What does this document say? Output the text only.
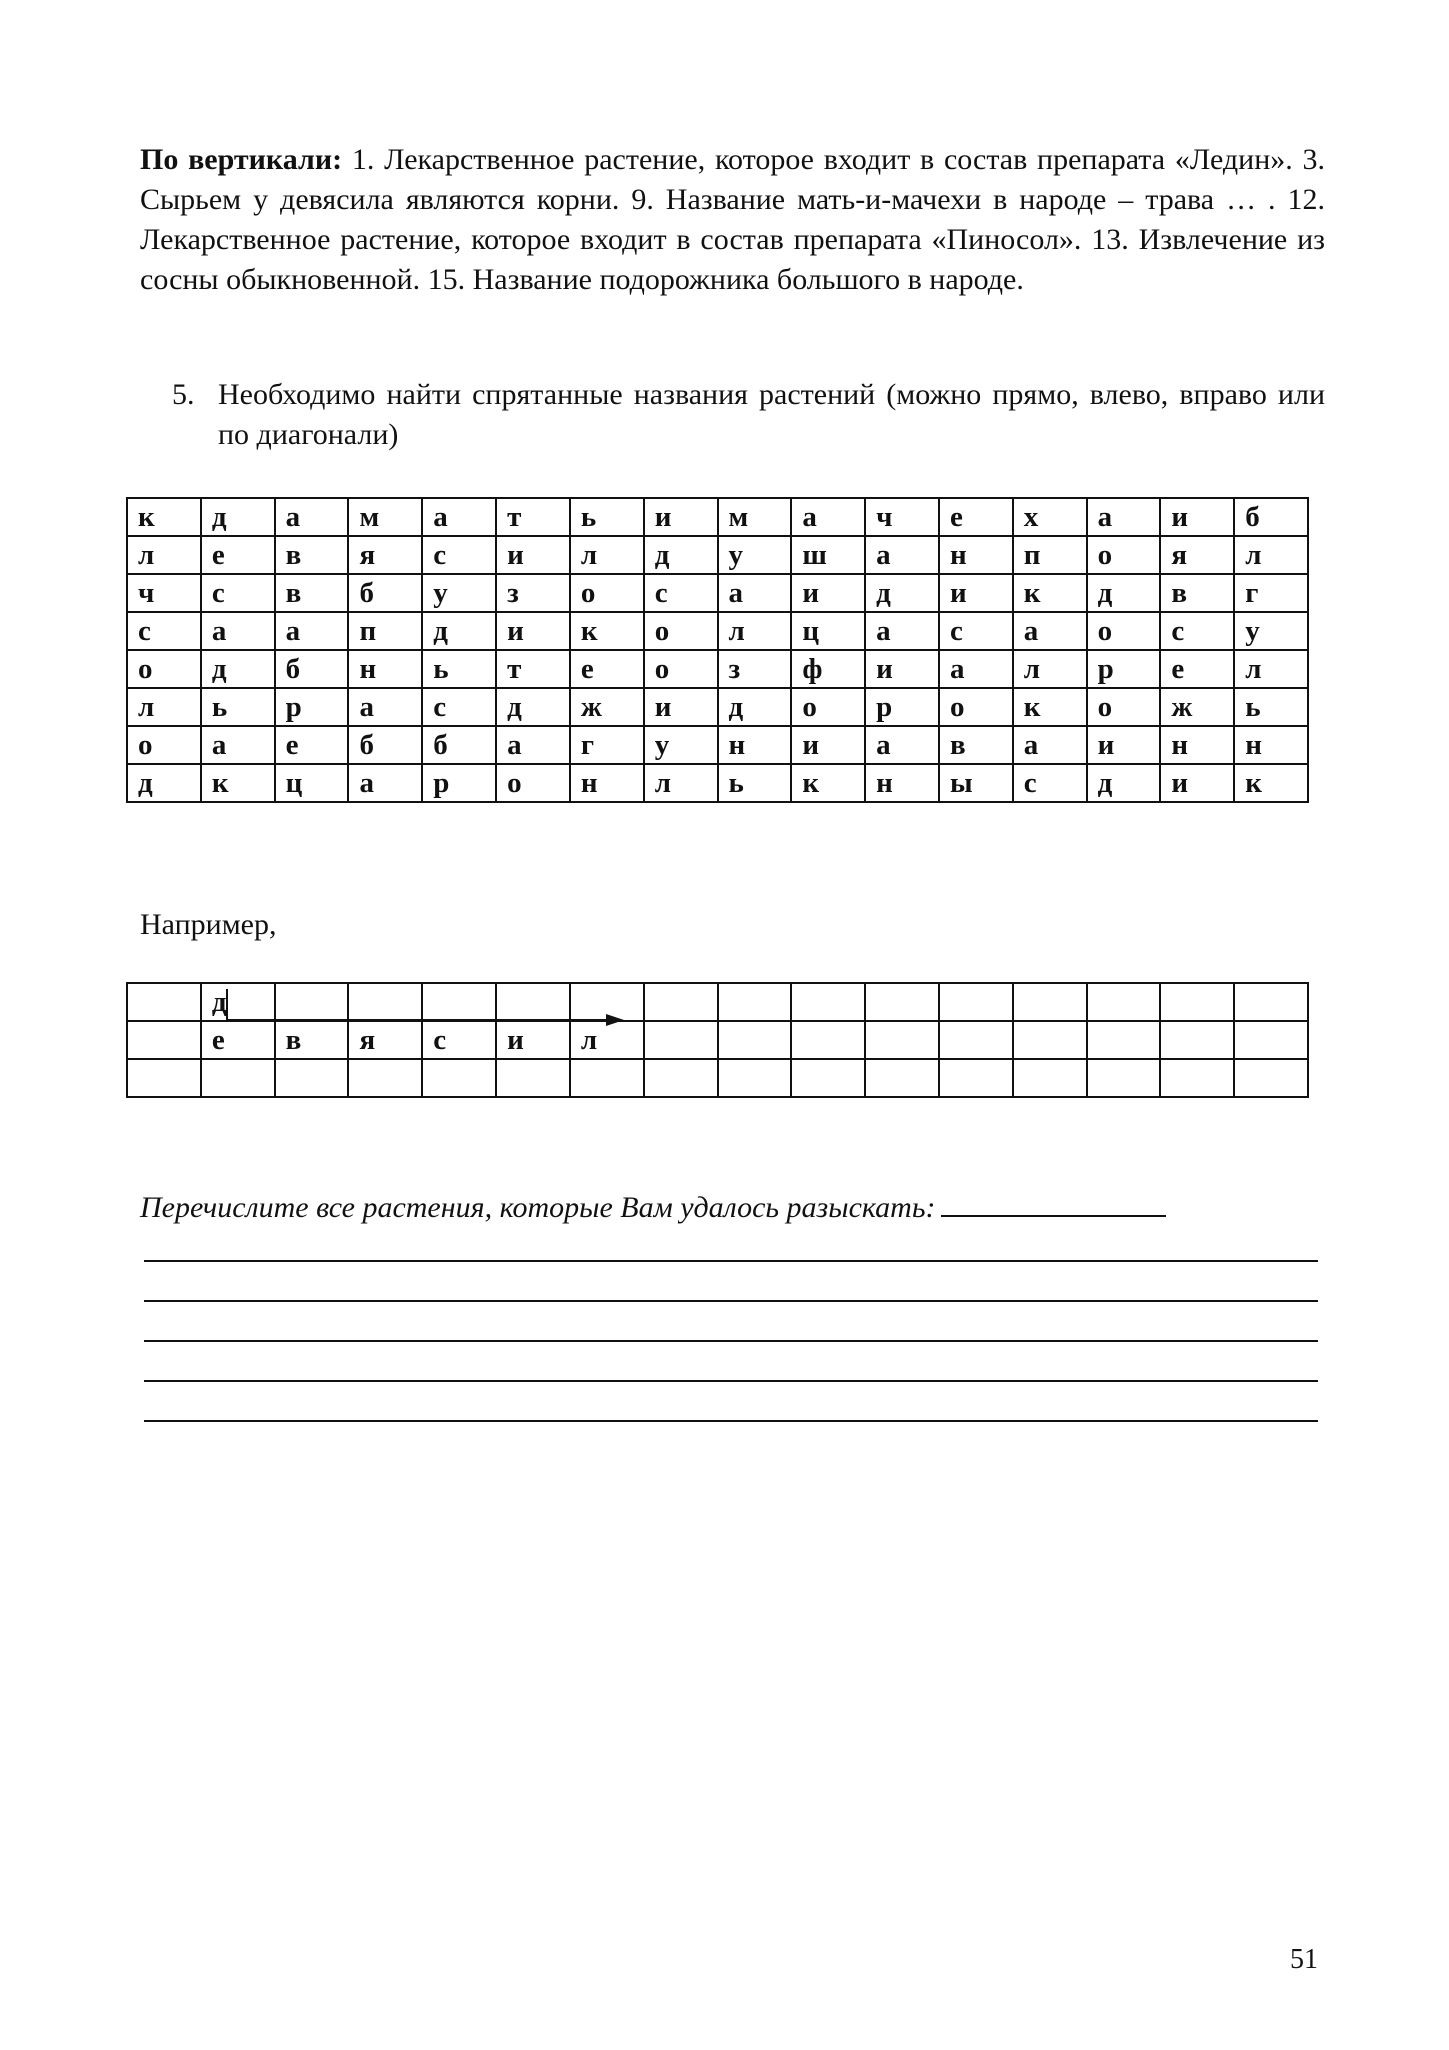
По вертикали: 1. Лекарственное растение, которое входит в состав препарата «Ледин». 3. Сырьем у девясила являются корни. 9. Название мать-и-мачехи в народе – трава … . 12. Лекарственное растение, которое входит в состав препарата «Пиносол». 13. Извлечение из сосны обыкновенной. 15. Название подорожника большого в народе.

5. Необходимо найти спрятанные названия растений (можно прямо, влево, вправо или по диагонали)
к	д	а	м	а	т	ь	и	м	а	ч	е	х	а	и	б
л	е	в	я	с	и	л	д	у	ш	а	н	п	о	я	л
ч	с	в	б	у	з	о	с	а	и	д	и	к	д	в	г
с	а	а	п	д	и	к	о	л	ц	а	с	а	о	с	у
о	д	б	н	ь	т	е	о	з	ф	и	а	л	р	е	л
л	ь	р	а	с	д	ж	и	д	о	р	о	к	о	ж	ь
о	а	е	б	б	а	г	у	н	и	а	в	а	и	н	н
д	к	ц	а	р	о	н	л	ь	к	н	ы	с	д	и	к
Например,
	д														
	е	в	я	с	и	л									

Перечислите все растения, которые Вам удалось разыскать:
51
